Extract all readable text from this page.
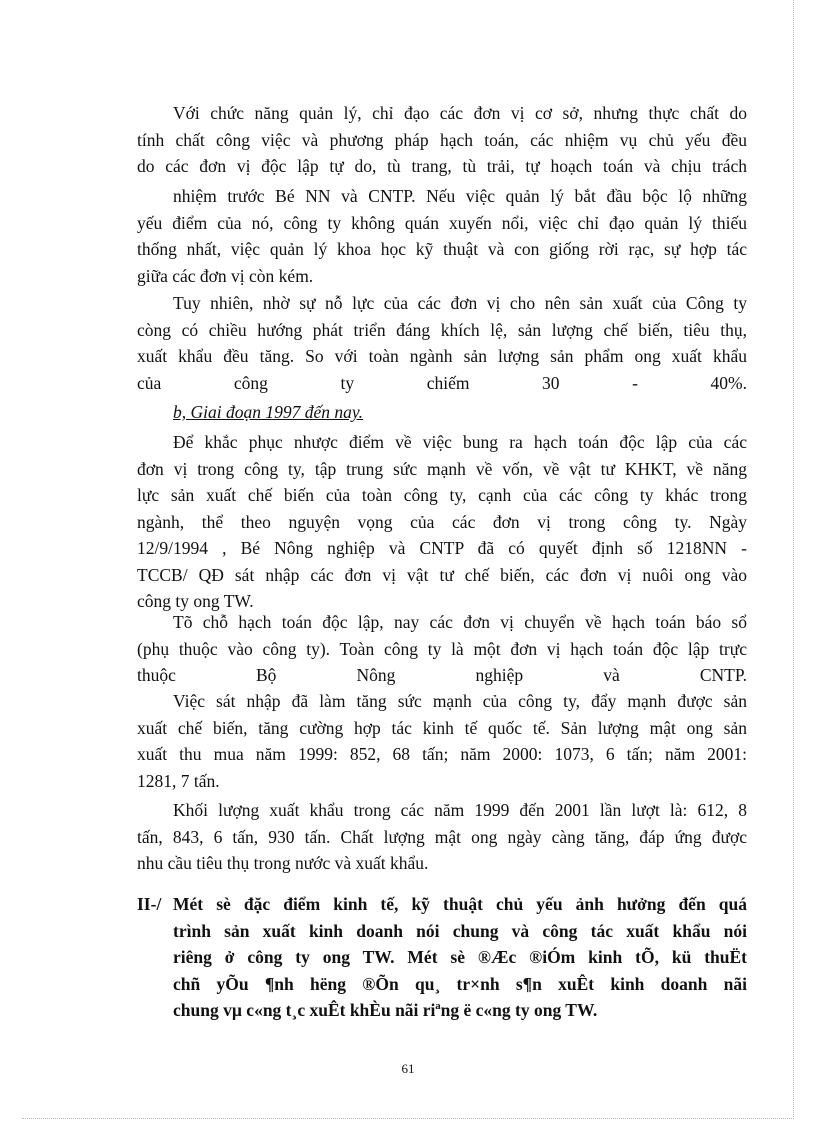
Với chức năng quản lý, chỉ đạo các đơn vị cơ sở, nhưng thực chất do
tính chất công việc và phương pháp hạch toán, các nhiệm vụ chủ yếu đều
do các đơn vị độc lập tự do, tù trang, tù trải, tự hoạch toán và chịu trách
nhiệm trước Bé NN và CNTP. Nếu việc quản lý bắt đầu bộc lộ những
yếu điểm của nó, công ty không quán xuyến nổi, việc chỉ đạo quản lý thiếu
thống nhất, việc quản lý khoa học kỹ thuật và con giống rời rạc, sự hợp tác
giữa các đơn vị còn kém.
Tuy nhiên, nhờ sự nỗ lực của các đơn vị cho nên sản xuất của Công ty
còng có chiều hướng phát triển đáng khích lệ, sản lượng chế biến, tiêu thụ,
xuất khẩu đều tăng. So với toàn ngành sản lượng sản phẩm ong xuất khẩu
của công ty chiếm 30 - 40%.
b, Giai đoạn 1997 đến nay.
Để khắc phục nhược điểm về việc bung ra hạch toán độc lập của các
đơn vị trong công ty, tập trung sức mạnh về vốn, về vật tư KHKT, về năng
lực sản xuất chế biến của toàn công ty, cạnh của các công ty khác trong
ngành, thể theo nguyện vọng của các đơn vị trong công ty. Ngày
12/9/1994 , Bé Nông nghiệp và CNTP đã có quyết định số 1218NN -
TCCB/ QĐ sát nhập các đơn vị vật tư chế biến, các đơn vị nuôi ong vào
công ty ong TW.
Tõ chỗ hạch toán độc lập, nay các đơn vị chuyển về hạch toán báo sổ
(phụ thuộc vào công ty). Toàn công ty là một đơn vị hạch toán độc lập trực
thuộc Bộ Nông nghiệp và CNTP.
Việc sát nhập đã làm tăng sức mạnh của công ty, đẩy mạnh được sản
xuất chế biến, tăng cường hợp tác kinh tế quốc tế. Sản lượng mật ong sản
xuất thu mua năm 1999: 852, 68 tấn; năm 2000: 1073, 6 tấn; năm 2001:
1281, 7 tấn.
Khối lượng xuất khẩu trong các năm 1999 đến 2001 lần lượt là: 612, 8
tấn, 843, 6 tấn, 930 tấn. Chất lượng mật ong ngày càng tăng, đáp ứng được
nhu cầu tiêu thụ trong nước và xuất khẩu.
II-/ Mét sè đặc điểm kinh tế, kỹ thuật chủ yếu ảnh hưởng đến quá
trình sản xuất kinh doanh nói chung và công tác xuất khẩu nói
riêng ở công ty ong TW. Mét sè ®Æc ®iÓm kinh tÕ, kü thuËt
chñ yÕu ¶nh hëng ®Õn qu¸ tr×nh s¶n xuÊt kinh doanh nãi
chung vµ c«ng t¸c xuÊt khÈu nãi riªng ë c«ng ty ong TW.
61
